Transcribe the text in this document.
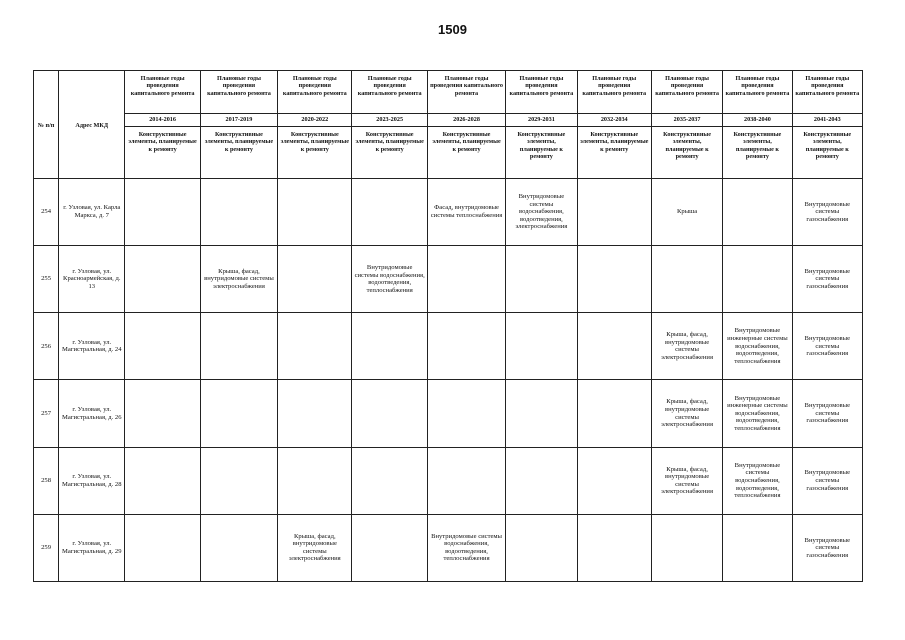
1509
№ п/п	Адрес МКД	Плановые годы проведения капитального ремонта	Плановые годы проведения капитального ремонта	Плановые годы проведения капитального ремонта	Плановые годы проведения капитального ремонта	Плановые годы проведения капитального ремонта	Плановые годы проведения капитального ремонта	Плановые годы проведения капитального ремонта	Плановые годы проведения капитального ремонта	Плановые годы проведения капитального ремонта	Плановые годы проведения капитального ремонта
		2014-2016	2017-2019	2020-2022	2023-2025	2026-2028	2029-2031	2032-2034	2035-2037	2038-2040	2041-2043
		Конструктивные элементы, планируемые к ремонту	Конструктивные элементы, планируемые к ремонту	Конструктивные элементы, планируемые к ремонту	Конструктивные элементы, планируемые к ремонту	Конструктивные элементы, планируемые к ремонту	Конструктивные элементы, планируемые к ремонту	Конструктивные элементы, планируемые к ремонту	Конструктивные элементы, планируемые к ремонту	Конструктивные элементы, планируемые к ремонту	Конструктивные элементы, планируемые к ремонту
254	г. Узловая, ул. Карла Маркса, д. 7					Фасад, внутридомовые системы теплоснабжения	Внутридомовые системы водоснабжения, водоотведения, электроснабжения		Крыша		Внутридомовые системы газоснабжения
255	г. Узловая, ул. Красноармейская, д. 13		Крыша, фасад, внутридомовые системы электроснабжения		Внутридомовые системы водоснабжения, водоотведения, теплоснабжения						Внутридомовые системы газоснабжения
256	г. Узловая, ул. Магистральная, д. 24								Крыша, фасад, внутридомовые системы электроснабжения	Внутридомовые инженерные системы водоснабжения, водоотведения, теплоснабжения	Внутридомовые системы газоснабжения
257	г. Узловая, ул. Магистральная, д. 26								Крыша, фасад, внутридомовые системы электроснабжения	Внутридомовые инженерные системы водоснабжения, водоотведения, теплоснабжения	Внутридомовые системы газоснабжения
258	г. Узловая, ул. Магистральная, д. 28								Крыша, фасад, внутридомовые системы электроснабжения	Внутридомовые системы водоснабжения, водоотведения, теплоснабжения	Внутридомовые системы газоснабжения
259	г. Узловая, ул. Магистральная, д. 29			Крыша, фасад, внутридомовые системы электроснабжения		Внутридомовые системы водоснабжения, водоотведения, теплоснабжения					Внутридомовые системы газоснабжения
